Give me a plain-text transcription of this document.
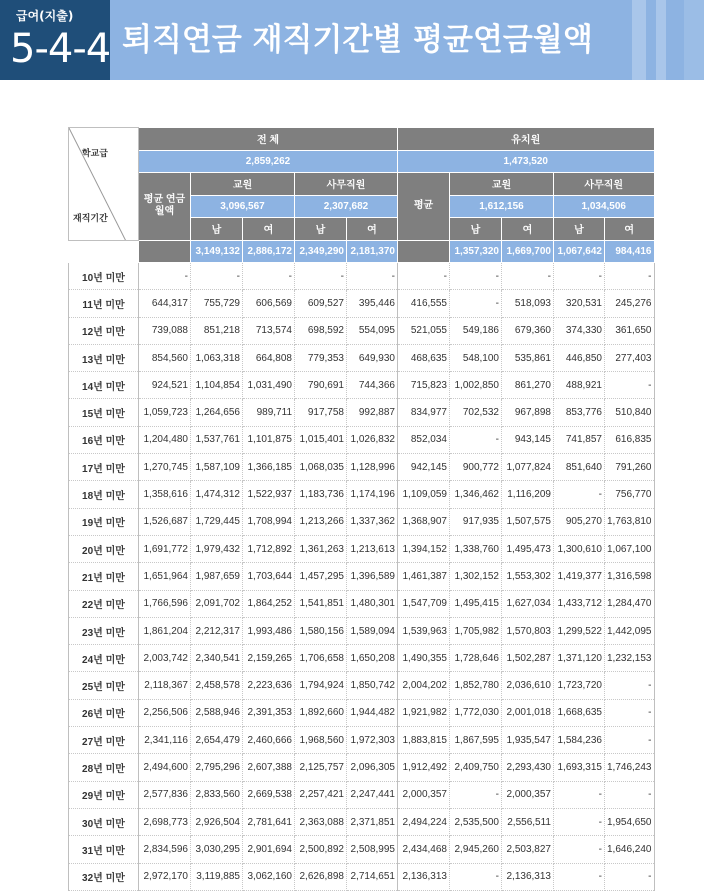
급여(지출)
5-4-4 퇴직연금 재직기간별 평균연금월액
학교급
재직기간	전 체					유치원				
	2,859,262					1,473,520				
	평균 연금 월액	교원		사무직원		평균	교원		사무직원	
		3,096,567		2,307,682			1,612,156		1,034,506	
		남	여	남	여		남	여	남	여
		3,149,132	2,886,172	2,349,290	2,181,370		1,357,320	1,669,700	1,067,642	984,416
10년 미만	-	-	-	-	-	-	-	-	-	-
11년 미만	644,317	755,729	606,569	609,527	395,446	416,555	-	518,093	320,531	245,276
12년 미만	739,088	851,218	713,574	698,592	554,095	521,055	549,186	679,360	374,330	361,650
13년 미만	854,560	1,063,318	664,808	779,353	649,930	468,635	548,100	535,861	446,850	277,403
14년 미만	924,521	1,104,854	1,031,490	790,691	744,366	715,823	1,002,850	861,270	488,921	-
15년 미만	1,059,723	1,264,656	989,711	917,758	992,887	834,977	702,532	967,898	853,776	510,840
16년 미만	1,204,480	1,537,761	1,101,875	1,015,401	1,026,832	852,034	-	943,145	741,857	616,835
17년 미만	1,270,745	1,587,109	1,366,185	1,068,035	1,128,996	942,145	900,772	1,077,824	851,640	791,260
18년 미만	1,358,616	1,474,312	1,522,937	1,183,736	1,174,196	1,109,059	1,346,462	1,116,209	-	756,770
19년 미만	1,526,687	1,729,445	1,708,994	1,213,266	1,337,362	1,368,907	917,935	1,507,575	905,270	1,763,810
20년 미만	1,691,772	1,979,432	1,712,892	1,361,263	1,213,613	1,394,152	1,338,760	1,495,473	1,300,610	1,067,100
21년 미만	1,651,964	1,987,659	1,703,644	1,457,295	1,396,589	1,461,387	1,302,152	1,553,302	1,419,377	1,316,598
22년 미만	1,766,596	2,091,702	1,864,252	1,541,851	1,480,301	1,547,709	1,495,415	1,627,034	1,433,712	1,284,470
23년 미만	1,861,204	2,212,317	1,993,486	1,580,156	1,589,094	1,539,963	1,705,982	1,570,803	1,299,522	1,442,095
24년 미만	2,003,742	2,340,541	2,159,265	1,706,658	1,650,208	1,490,355	1,728,646	1,502,287	1,371,120	1,232,153
25년 미만	2,118,367	2,458,578	2,223,636	1,794,924	1,850,742	2,004,202	1,852,780	2,036,610	1,723,720	-
26년 미만	2,256,506	2,588,946	2,391,353	1,892,660	1,944,482	1,921,982	1,772,030	2,001,018	1,668,635	-
27년 미만	2,341,116	2,654,479	2,460,666	1,968,560	1,972,303	1,883,815	1,867,595	1,935,547	1,584,236	-
28년 미만	2,494,600	2,795,296	2,607,388	2,125,757	2,096,305	1,912,492	2,409,750	2,293,430	1,693,315	1,746,243
29년 미만	2,577,836	2,833,560	2,669,538	2,257,421	2,247,441	2,000,357	-	2,000,357	-	-
30년 미만	2,698,773	2,926,504	2,781,641	2,363,088	2,371,851	2,494,224	2,535,500	2,556,511	-	1,954,650
31년 미만	2,834,596	3,030,295	2,901,694	2,500,892	2,508,995	2,434,468	2,945,260	2,503,827	-	1,646,240
32년 미만	2,972,170	3,119,885	3,062,160	2,626,898	2,714,651	2,136,313	-	2,136,313	-	-
